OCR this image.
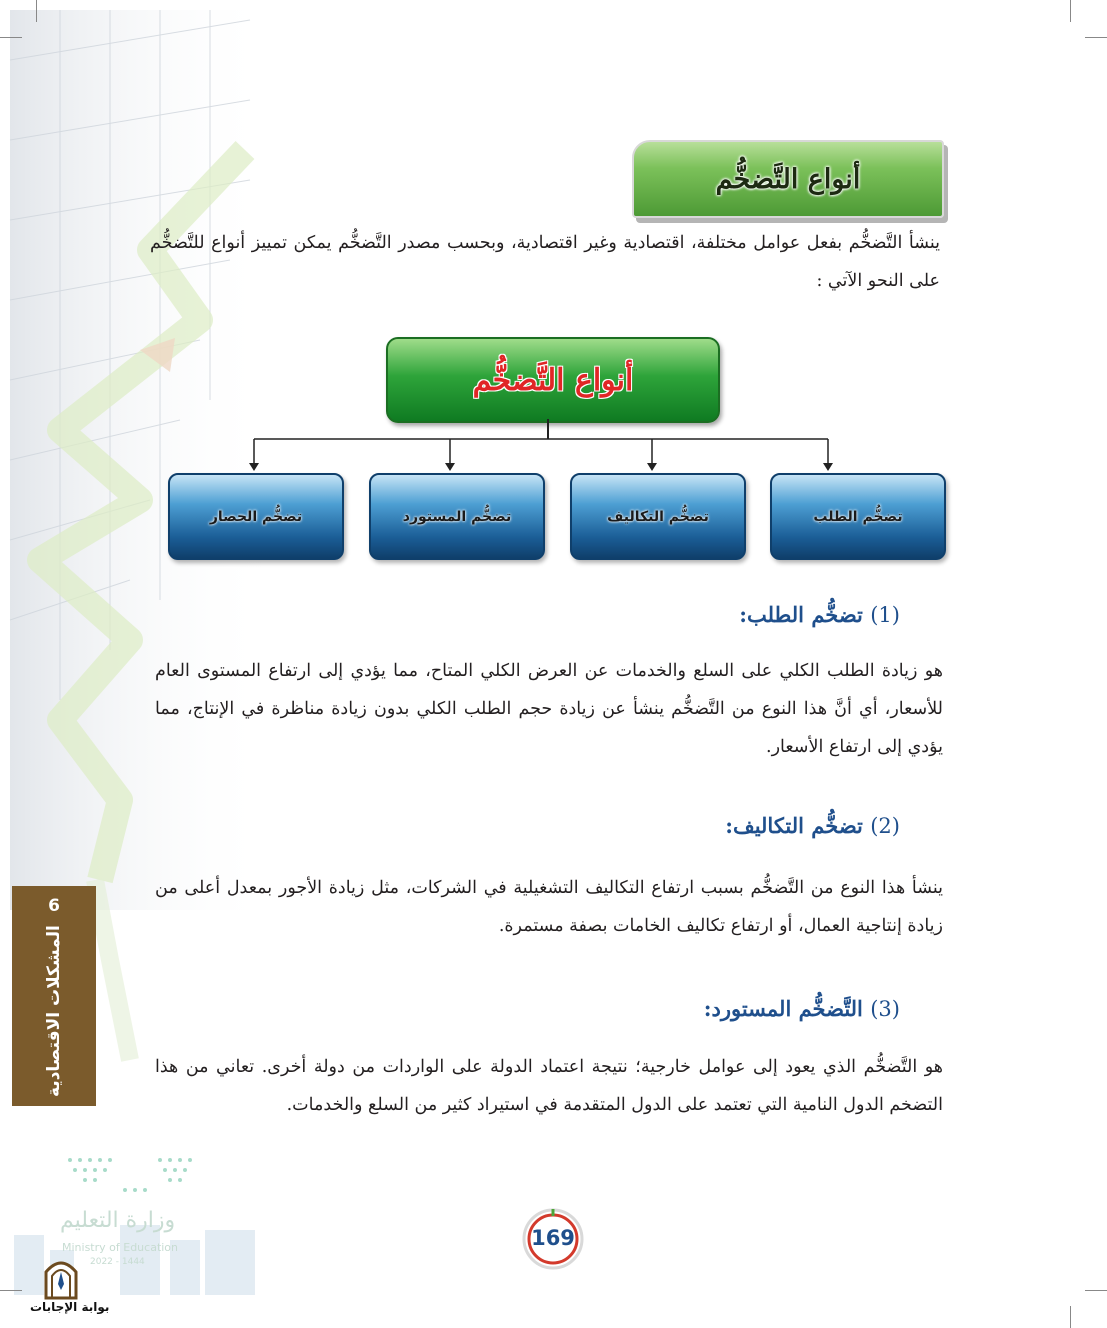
أنواع التَّضخُّم
ينشأ التَّضخُّم بفعل عوامل مختلفة، اقتصادية وغير اقتصادية، وبحسب مصدر التَّضخُّم يمكن تمييز أنواع للتَّضخُّم على النحو الآتي :
أنواع التَّضخُّم
تضخُّم الطلب
تضخُّم التكاليف
تضخُّم المستورد
تضخُّم الحصار
(1) تضخُّم الطلب:
هو زيادة الطلب الكلي على السلع والخدمات عن العرض الكلي المتاح، مما يؤدي إلى ارتفاع المستوى العام للأسعار، أي أنَّ هذا النوع من التَّضخُّم ينشأ عن زيادة حجم الطلب الكلي بدون زيادة مناظرة في الإنتاج، مما يؤدي إلى ارتفاع الأسعار.
(2) تضخُّم التكاليف:
ينشأ هذا النوع من التَّضخُّم بسبب ارتفاع التكاليف التشغيلية في الشركات، مثل زيادة الأجور بمعدل أعلى من زيادة إنتاجية العمال، أو ارتفاع تكاليف الخامات بصفة مستمرة.
(3) التَّضخُّم المستورد:
هو التَّضخُّم الذي يعود إلى عوامل خارجية؛ نتيجة اعتماد الدولة على الواردات من دولة أخرى. تعاني من هذا التضخم الدول النامية التي تعتمد على الدول المتقدمة في استيراد كثير من السلع والخدمات.
6
المشكلات الاقتصادية
169
وزارة التعليم
Ministry of Education
2022 - 1444
بوابة الإجابات
